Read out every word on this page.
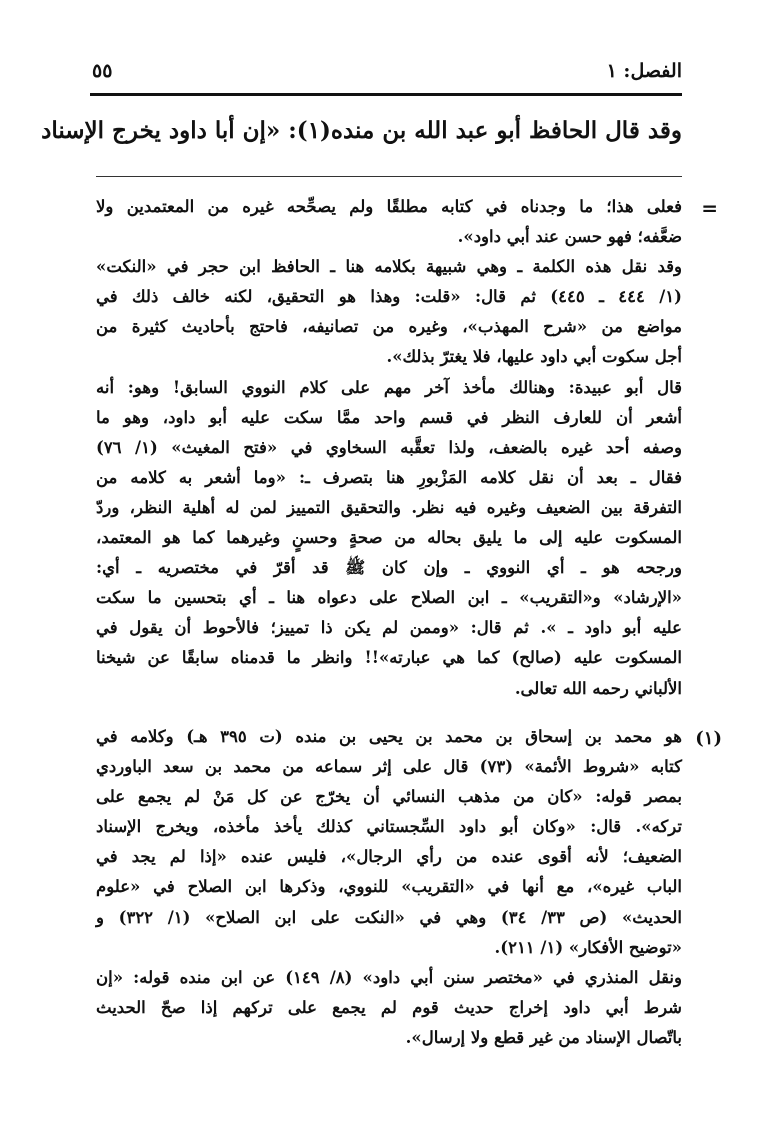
الفصل: ١
٥٥
وقد قال الحافظ أبو عبد الله بن منده(١): «إن أبا داود يخرج الإسناد
=

فعلى هذا؛ ما وجدناه في كتابه مطلقًا ولم يصحِّحه غيره من المعتمدين ولا

ضعَّفه؛ فهو حسن عند أبي داود».

وقد نقل هذه الكلمة ـ وهي شبيهة بكلامه هنا ـ الحافظ ابن حجر في «النكت»

(١/ ٤٤٤ ـ ٤٤٥) ثم قال: «قلت: وهذا هو التحقيق، لكنه خالف ذلك في

مواضع من «شرح المهذب»، وغيره من تصانيفه، فاحتج بأحاديث كثيرة من

أجل سكوت أبي داود عليها، فلا يغترّ بذلك».

قال أبو عبيدة: وهنالك مأخذ آخر مهم على كلام النووي السابق! وهو: أنه

أشعر أن للعارف النظر في قسم واحد ممَّا سكت عليه أبو داود، وهو ما

وصفه أحد غيره بالضعف، ولذا تعقَّبه السخاوي في «فتح المغيث» (١/ ٧٦)

فقال ـ بعد أن نقل كلامه المَزْبورِ هنا بتصرف ـ: «وما أشعر به كلامه من

التفرقة بين الضعيف وغيره فيه نظر. والتحقيق التمييز لمن له أهلية النظر، وردّ

المسكوت عليه إلى ما يليق بحاله من صحةٍ وحسنٍ وغيرهما كما هو المعتمد،

ورجحه هو ـ أي النووي ـ وإن كان ﷺ قد أقرّ في مختصريه ـ أي:

«الإرشاد» و«التقريب» ـ ابن الصلاح على دعواه هنا ـ أي بتحسين ما سكت

عليه أبو داود ـ ». ثم قال: «وممن لم يكن ذا تمييز؛ فالأحوط أن يقول في

المسكوت عليه (صالح) كما هي عبارته»!! وانظر ما قدمناه سابقًا عن شيخنا

الألباني رحمه الله تعالى.

(١)

هو محمد بن إسحاق بن محمد بن يحيى بن منده (ت ٣٩٥ هـ) وكلامه في

كتابه «شروط الأئمة» (٧٣) قال على إثر سماعه من محمد بن سعد الباوردي

بمصر قوله: «كان من مذهب النسائي أن يخرّج عن كل مَنْ لم يجمع على

تركه». قال: «وكان أبو داود السِّجستاني كذلك يأخذ مأخذه، ويخرج الإسناد

الضعيف؛ لأنه أقوى عنده من رأي الرجال»، فليس عنده «إذا لم يجد في

الباب غيره»، مع أنها في «التقريب» للنووي، وذكرها ابن الصلاح في «علوم

الحديث» (ص ٣٣/ ٣٤) وهي في «النكت على ابن الصلاح» (١/ ٣٢٢) و

«توضيح الأفكار» (١/ ٢١١).

ونقل المنذري في «مختصر سنن أبي داود» (٨/ ١٤٩) عن ابن منده قوله: «إن

شرط أبي داود إخراج حديث قوم لم يجمع على تركهم إذا صحّ الحديث

باتّصال الإسناد من غير قطع ولا إرسال».
